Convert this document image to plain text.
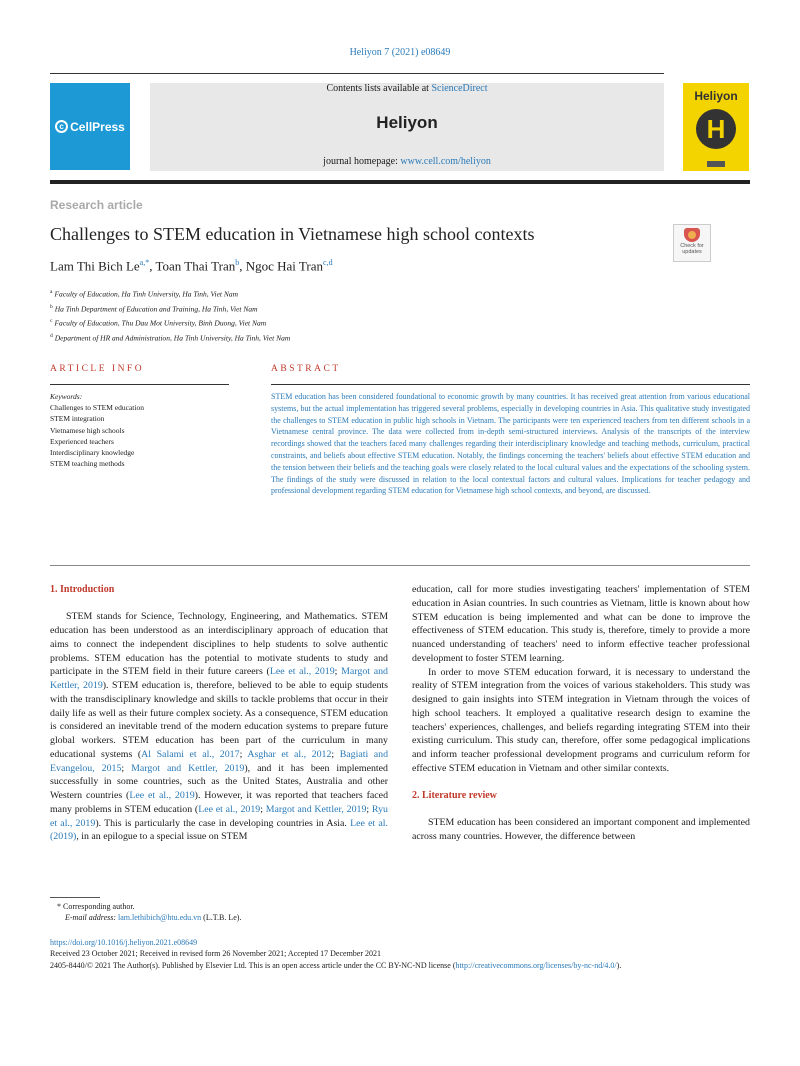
Heliyon 7 (2021) e08649
c CellPress
Contents lists available at ScienceDirect
Heliyon
journal homepage: www.cell.com/heliyon
Heliyon
H
Research article
Challenges to STEM education in Vietnamese high school contexts
Check for updates
Lam Thi Bich $Le^{a,*}$, Toan Thai Tran$^b$, Ngoc Hai Tran$^{c,d}$
$^a$ Faculty of Education, Ha Tinh University, Ha Tinh, Viet Nam
$^b$ Ha Tinh Department of Education and Training, Ha Tinh, Viet Nam
$^c$ Faculty of Education, Thu Dau Mot University, Binh Duong, Viet Nam
$^d$ Department of HR and Administration, Ha Tinh University, Ha Tinh, Viet Nam
ARTICLE INFO	ABSTRACT
Keywords:
Challenges to STEM education
STEM integration
Vietnamese high schools
Experienced teachers
Interdisciplinary knowledge
STEM teaching methods
STEM education has been considered foundational to economic growth by many countries. It has received great attention from various educational systems, but the actual implementation has triggered several problems, especially in developing countries in Asia. This qualitative study investigated the challenges to STEM education in public high schools in Vietnam. The participants were ten experienced teachers from ten different schools in a Vietnamese central province. The data were collected from in-depth semi-structured interviews. Analysis of the transcripts of the interview recordings showed that the teachers faced many challenges regarding their interdisciplinary knowledge and teaching methods, curriculum, practical constraints, and beliefs about effective STEM education. Notably, the findings concerning the teachers' beliefs about effective STEM education and the tension between their beliefs and the teaching goals were closely related to the local cultural values and the expectations of the schooling system. The findings of the study were discussed in relation to the local contextual factors and cultural values. Implications for teacher pedagogy and professional development regarding STEM education for Vietnamese high school contexts, and beyond, are discussed.
1. Introduction

STEM stands for Science, Technology, Engineering, and Mathematics. STEM education has been understood as an interdisciplinary approach of education that aims to connect the independent disciplines to help students to solve authentic problems. STEM education has the potential to motivate students to study and participate in the STEM field in their future careers (Lee et al., 2019; Margot and Kettler, 2019). STEM education is, therefore, believed to be able to equip students with the transdisciplinary knowledge and skills to tackle problems that occur in their daily life as well as their future complex society. As a consequence, STEM education is considered an inevitable trend of the modern education systems to prepare future global workers. STEM education has been part of the curriculum in many educational systems (Al Salami et al., 2017; Asghar et al., 2012; Bagiati and Evangelou, 2015; Margot and Kettler, 2019), and it has been implemented successfully in some countries, such as the United States, Australia and other Western countries (Lee et al., 2019). However, it was reported that teachers faced many problems in STEM education (Lee et al., 2019; Margot and Kettler, 2019; Ryu et al., 2019). This is particularly the case in developing countries in Asia. Lee et al. (2019), in an epilogue to a special issue on STEM

education, call for more studies investigating teachers' implementation of STEM education in Asian countries. In such countries as Vietnam, little is known about how STEM education is being implemented and what can be done to improve the effectiveness of STEM education. This study is, therefore, timely to provide a more nuanced understanding of teachers' need to inform effective teacher professional development to foster STEM learning.

In order to move STEM education forward, it is necessary to understand the reality of STEM integration from the voices of various stakeholders. This study was designed to gain insights into STEM integration in Vietnam through the voices of high school teachers. It employed a qualitative research design to examine the teachers' experiences, challenges, and beliefs regarding integrating STEM into their existing curriculum. This study can, therefore, offer some pedagogical implications and inform teacher professional development programs and curriculum reform for effective STEM education in Vietnam and other similar contexts.

2. Literature review

STEM education has been considered an important component and implemented across many countries. However, the difference between

* Corresponding author.
E-mail address: lam.lethibich@htu.edu.vn (L.T.B. Le).
https://doi.org/10.1016/j.heliyon.2021.e08649
Received 23 October 2021; Received in revised form 26 November 2021; Accepted 17 December 2021
2405-8440/© 2021 The Author(s). Published by Elsevier Ltd. This is an open access article under the CC BY-NC-ND license (http://creativecommons.org/licenses/by-nc-nd/4.0/).
